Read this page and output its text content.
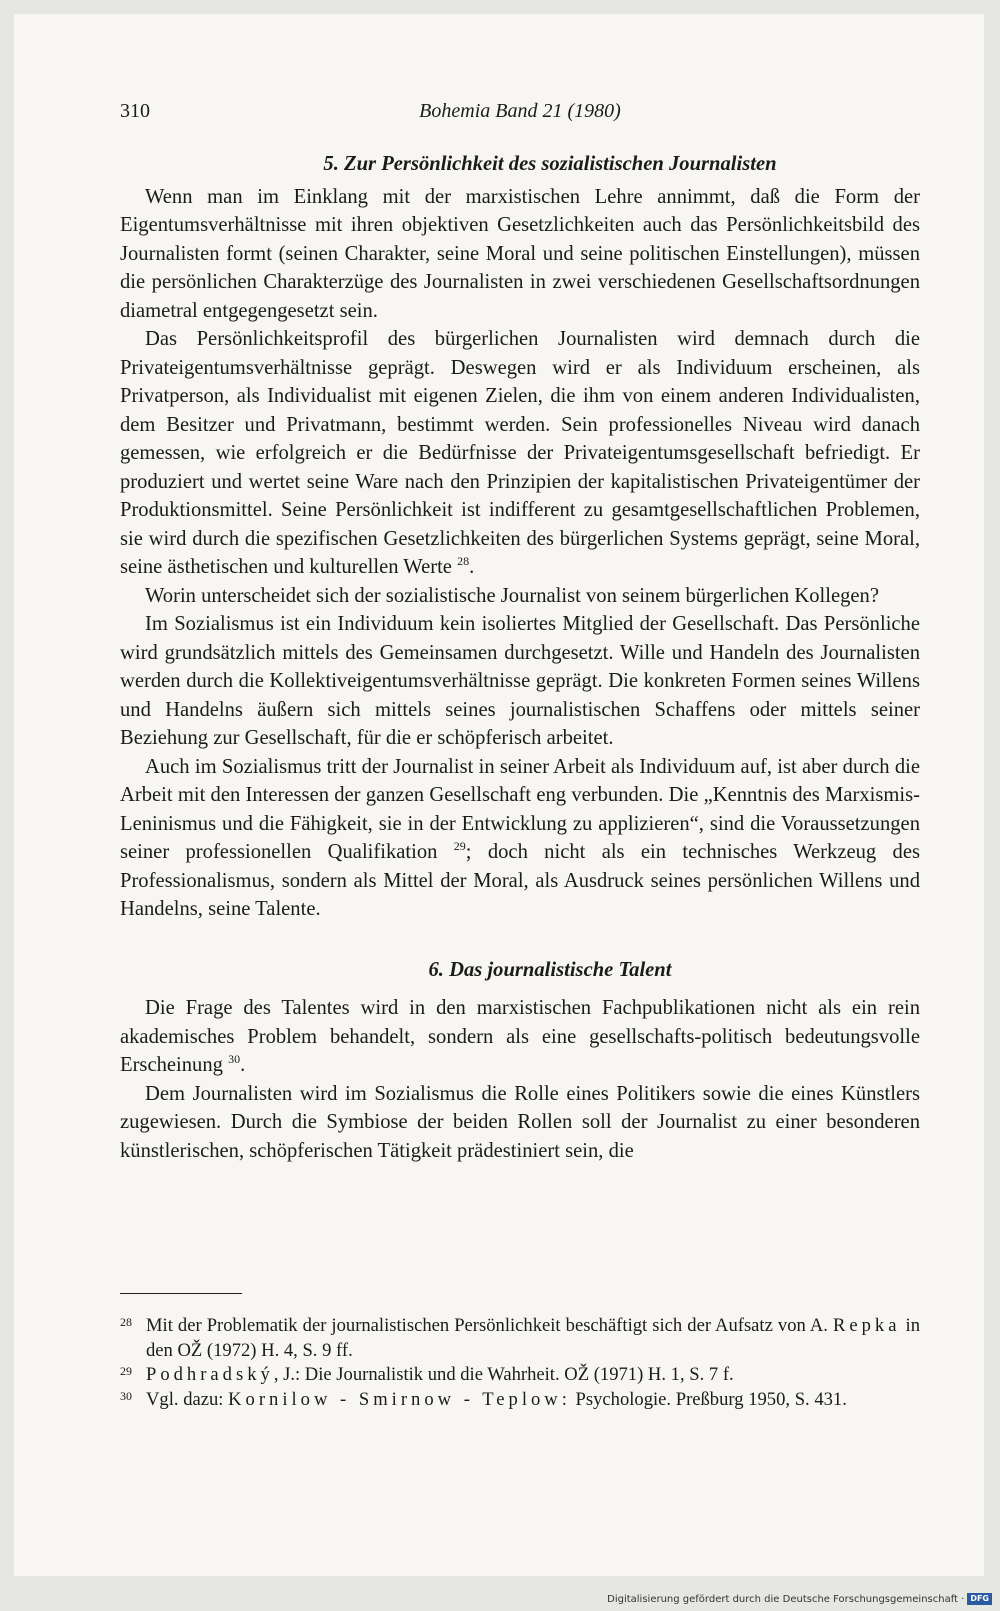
310	Bohemia Band 21 (1980)
5. Zur Persönlichkeit des sozialistischen Journalisten

Wenn man im Einklang mit der marxistischen Lehre annimmt, daß die Form der Eigentumsverhältnisse mit ihren objektiven Gesetzlichkeiten auch das Persönlichkeitsbild des Journalisten formt (seinen Charakter, seine Moral und seine politischen Einstellungen), müssen die persönlichen Charakterzüge des Journalisten in zwei verschiedenen Gesellschaftsordnungen diametral entgegengesetzt sein.

Das Persönlichkeitsprofil des bürgerlichen Journalisten wird demnach durch die Privateigentumsverhältnisse geprägt. Deswegen wird er als Individuum erscheinen, als Privatperson, als Individualist mit eigenen Zielen, die ihm von einem anderen Individualisten, dem Besitzer und Privatmann, bestimmt werden. Sein professionelles Niveau wird danach gemessen, wie erfolgreich er die Bedürfnisse der Privateigentumsgesellschaft befriedigt. Er produziert und wertet seine Ware nach den Prinzipien der kapitalistischen Privateigentümer der Produktionsmittel. Seine Persönlichkeit ist indifferent zu gesamtgesellschaftlichen Problemen, sie wird durch die spezifischen Gesetzlichkeiten des bürgerlichen Systems geprägt, seine Moral, seine ästhetischen und kulturellen Werte $^{28}$.

Worin unterscheidet sich der sozialistische Journalist von seinem bürgerlichen Kollegen?

Im Sozialismus ist ein Individuum kein isoliertes Mitglied der Gesellschaft. Das Persönliche wird grundsätzlich mittels des Gemeinsamen durchgesetzt. Wille und Handeln des Journalisten werden durch die Kollektiveigentumsverhältnisse geprägt. Die konkreten Formen seines Willens und Handelns äußern sich mittels seines journalistischen Schaffens oder mittels seiner Beziehung zur Gesellschaft, für die er schöpferisch arbeitet.

Auch im Sozialismus tritt der Journalist in seiner Arbeit als Individuum auf, ist aber durch die Arbeit mit den Interessen der ganzen Gesellschaft eng verbunden. Die „Kenntnis des Marxismis-Leninismus und die Fähigkeit, sie in der Entwicklung zu applizieren“, sind die Voraussetzungen seiner professionellen Qualifikation $^{29}$; doch nicht als ein technisches Werkzeug des Professionalismus, sondern als Mittel der Moral, als Ausdruck seines persönlichen Willens und Handelns, seine Talente.

6. Das journalistische Talent

Die Frage des Talentes wird in den marxistischen Fachpublikationen nicht als ein rein akademisches Problem behandelt, sondern als eine gesellschafts-politisch bedeutungsvolle Erscheinung $^{30}$.

Dem Journalisten wird im Sozialismus die Rolle eines Politikers sowie die eines Künstlers zugewiesen. Durch die Symbiose der beiden Rollen soll der Journalist zu einer besonderen künstlerischen, schöpferischen Tätigkeit prädestiniert sein, die

28 Mit der Problematik der journalistischen Persönlichkeit beschäftigt sich der Aufsatz von A. Repka in den OŽ (1972) H. 4, S. 9 ff.

29 Podhradský, J.: Die Journalistik und die Wahrheit. OŽ (1971) H. 1, S. 7 f.

30 Vgl. dazu: Kornilow - Smirnow - Teplow: Psychologie. Preßburg 1950, S. 431.

Digitalisierung gefördert durch die Deutsche Forschungsgemeinschaft · DFG
